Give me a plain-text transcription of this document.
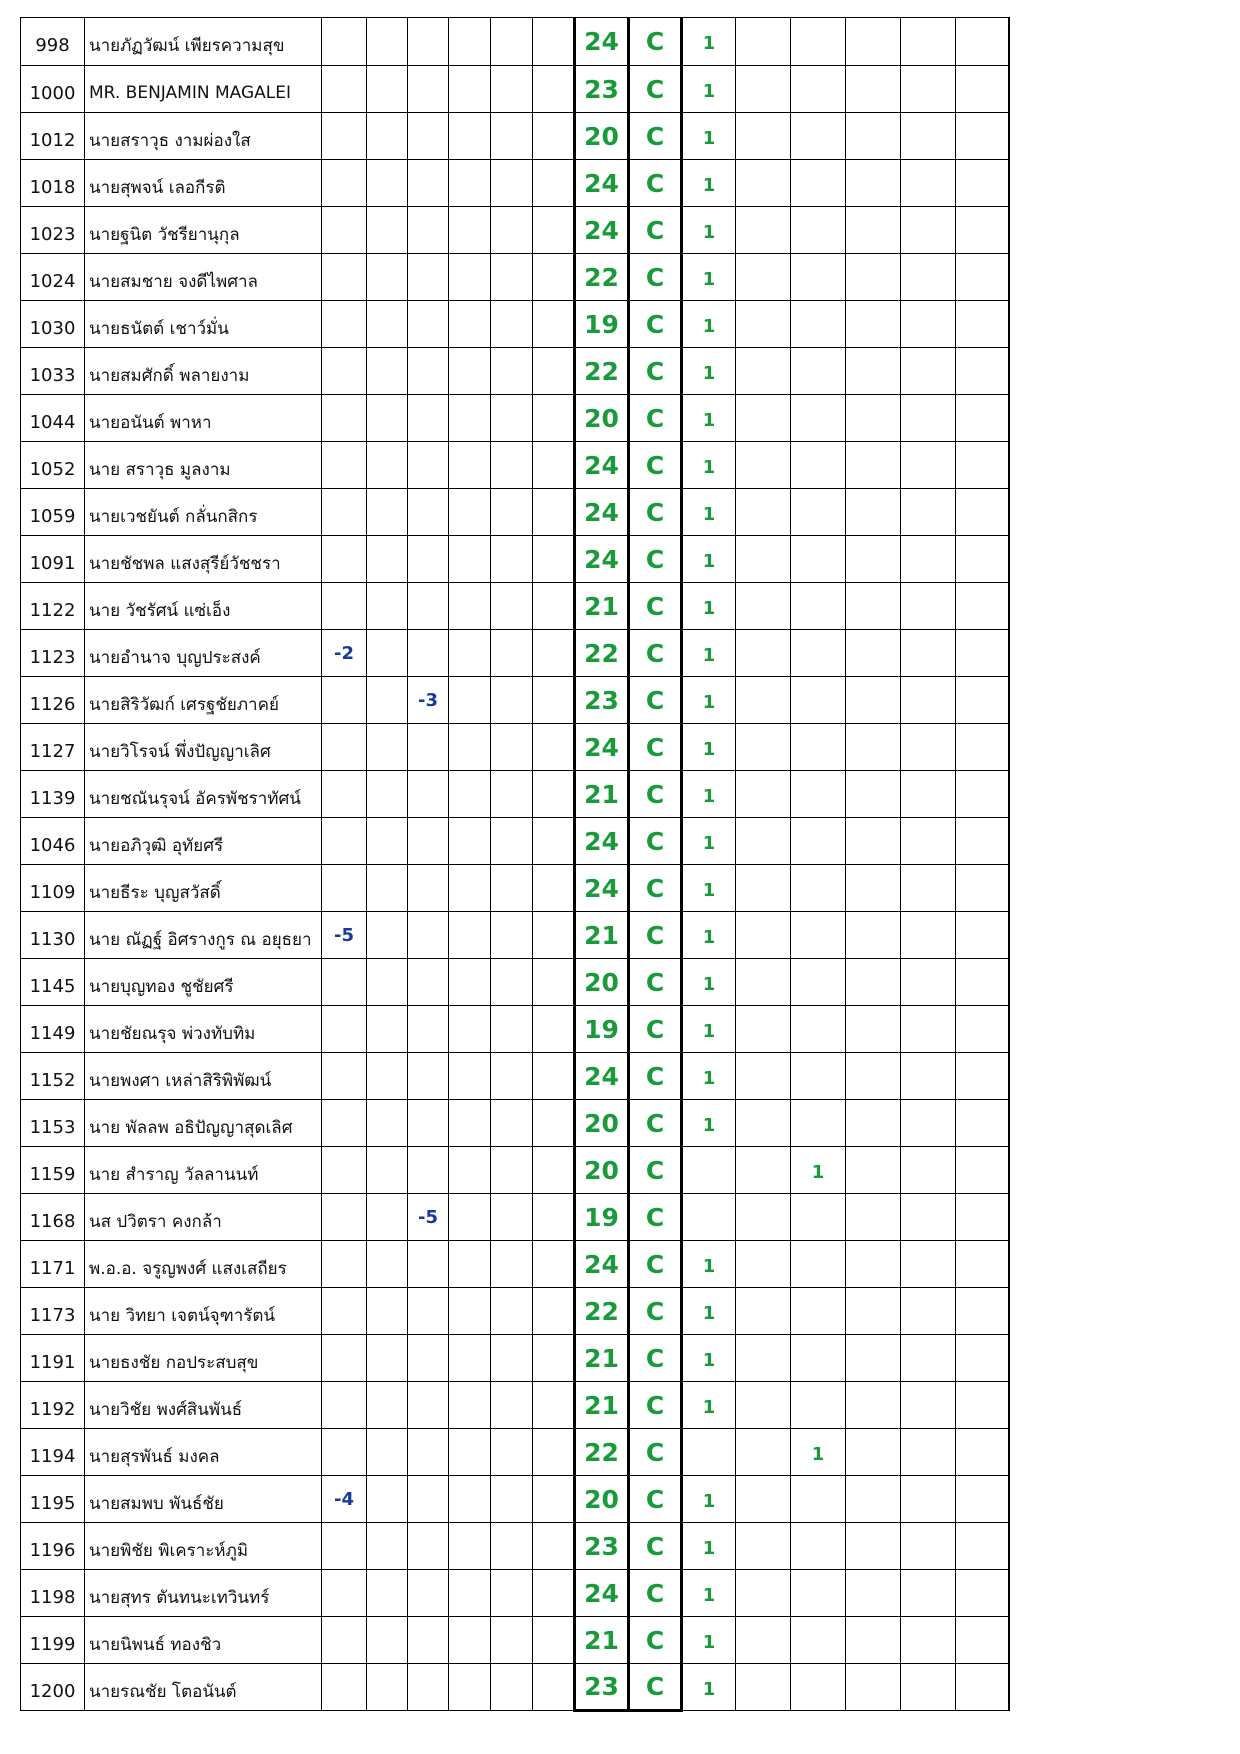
998	นายภัฏวัฒน์ เพียรความสุข							24	C	1					
1000	MR. BENJAMIN MAGALEI							23	C	1					
1012	นายสราวุธ งามผ่องใส							20	C	1					
1018	นายสุพจน์ เลอกีรติ							24	C	1					
1023	นายฐนิต วัชรียานุกุล							24	C	1					
1024	นายสมชาย จงดีไพศาล							22	C	1					
1030	นายธนัตต์ เชาว์มั่น							19	C	1					
1033	นายสมศักดิ์ พลายงาม							22	C	1					
1044	นายอนันต์ พาหา							20	C	1					
1052	นาย สราวุธ มูลงาม							24	C	1					
1059	นายเวชยันต์ กลั่นกสิกร							24	C	1					
1091	นายชัชพล แสงสุรีย์วัชชรา							24	C	1					
1122	นาย วัชรัศน์ แซ่เอ็ง							21	C	1					
1123	นายอำนาจ บุญประสงค์	-2						22	C	1					
1126	นายสิริวัฒก์ เศรฐชัยภาคย์			-3				23	C	1					
1127	นายวิโรจน์ พึ่งปัญญาเลิศ							24	C	1					
1139	นายชณันรุจน์ อัครพัชราทัศน์							21	C	1					
1046	นายอภิวุฒิ อุทัยศรี							24	C	1					
1109	นายธีระ บุญสวัสดิ์							24	C	1					
1130	นาย ณัฏฐ์ อิศรางกูร ณ อยุธยา	-5						21	C	1					
1145	นายบุญทอง ชูชัยศรี							20	C	1					
1149	นายชัยณรุจ พ่วงทับทิม							19	C	1					
1152	นายพงศา เหล่าสิริพิพัฒน์							24	C	1					
1153	นาย พัลลพ อธิปัญญาสุดเลิศ							20	C	1					
1159	นาย สำราญ วัลลานนท์							20	C			1			
1168	นส ปวิตรา คงกล้า			-5				19	C						
1171	พ.อ.อ. จรูญพงศ์ แสงเสถียร							24	C	1					
1173	นาย วิทยา เจตน์จุฑารัตน์							22	C	1					
1191	นายธงชัย กอประสบสุข							21	C	1					
1192	นายวิชัย พงศ์สินพันธ์							21	C	1					
1194	นายสุรพันธ์ มงคล							22	C			1			
1195	นายสมพบ พันธ์ชัย	-4						20	C	1					
1196	นายพิชัย พิเคราะห์ภูมิ							23	C	1					
1198	นายสุทร ตันทนะเทวินทร์							24	C	1					
1199	นายนิพนธ์ ทองชิว							21	C	1					
1200	นายรณชัย โตอนันต์							23	C	1					
